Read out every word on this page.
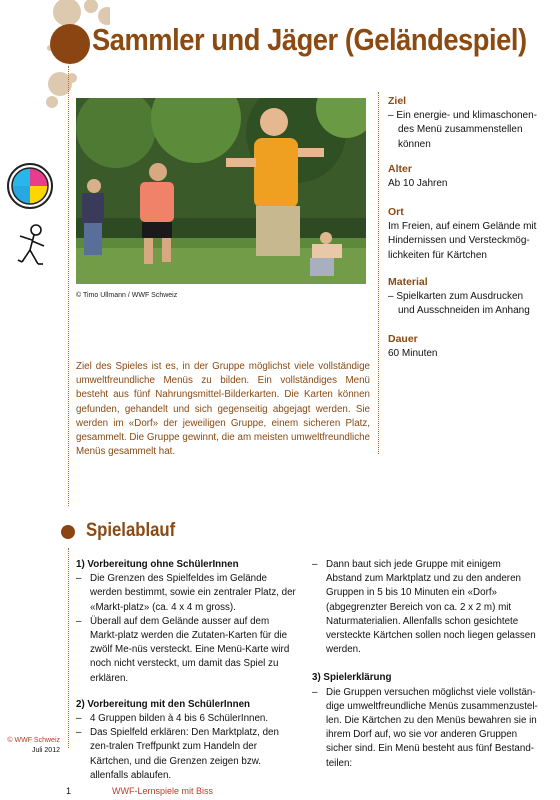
Sammler und Jäger (Geländespiel)
© Timo Ullmann / WWF Schweiz
Ziel
– Ein energie- und klimaschonen-
des Menü zusammenstellen
können
Alter
Ab 10 Jahren
Ort
Im Freien, auf einem Gelände mit
Hindernissen und Versteckmög-
lichkeiten für Kärtchen
Material
– Spielkarten zum Ausdrucken
und Ausschneiden im Anhang
Dauer
60 Minuten
Ziel des Spieles ist es, in der Gruppe möglichst viele vollständige umweltfreundliche Menüs zu bilden. Ein vollständiges Menü besteht aus fünf Nahrungsmittel-Bilderkarten. Die Karten können gefunden, gehandelt und sich gegenseitig abgejagt werden. Sie werden im «Dorf» der jeweiligen Gruppe, einem sicheren Platz, gesammelt. Die Gruppe gewinnt, die am meisten umweltfreundliche Menüs gesammelt hat.
Spielablauf
1) Vorbereitung ohne SchülerInnen
– Die Grenzen des Spielfeldes im Gelände werden bestimmt, sowie ein zentraler Platz, der «Markt-platz» (ca. 4 x 4 m gross).
– Überall auf dem Gelände ausser auf dem Markt-platz werden die Zutaten-Karten für die zwölf Me-nüs versteckt. Eine Menü-Karte wird noch nicht versteckt, um damit das Spiel zu erklären.
2) Vorbereitung mit den SchülerInnen
– 4 Gruppen bilden à 4 bis 6 SchülerInnen.
– Das Spielfeld erklären: Den Marktplatz, den zen-tralen Treffpunkt zum Handeln der Kärtchen, und die Grenzen zeigen bzw. allenfalls ablaufen.
– Dann baut sich jede Gruppe mit einigem Abstand zum Marktplatz und zu den anderen Gruppen in 5 bis 10 Minuten ein «Dorf» (abgegrenzter Bereich von ca. 2 x 2 m) mit Naturmaterialien. Allenfalls schon gesichtete versteckte Kärtchen sollen noch liegen gelassen werden.
3) Spielerklärung
– Die Gruppen versuchen möglichst viele vollstän-dige umweltfreundliche Menüs zusammenzustel-len. Die Kärtchen zu den Menüs bewahren sie in ihrem Dorf auf, wo sie vor anderen Gruppen sicher sind. Ein Menü besteht aus fünf Bestand-teilen:
© WWF Schweiz
Juli 2012
1	WWF-Lernspiele mit Biss
